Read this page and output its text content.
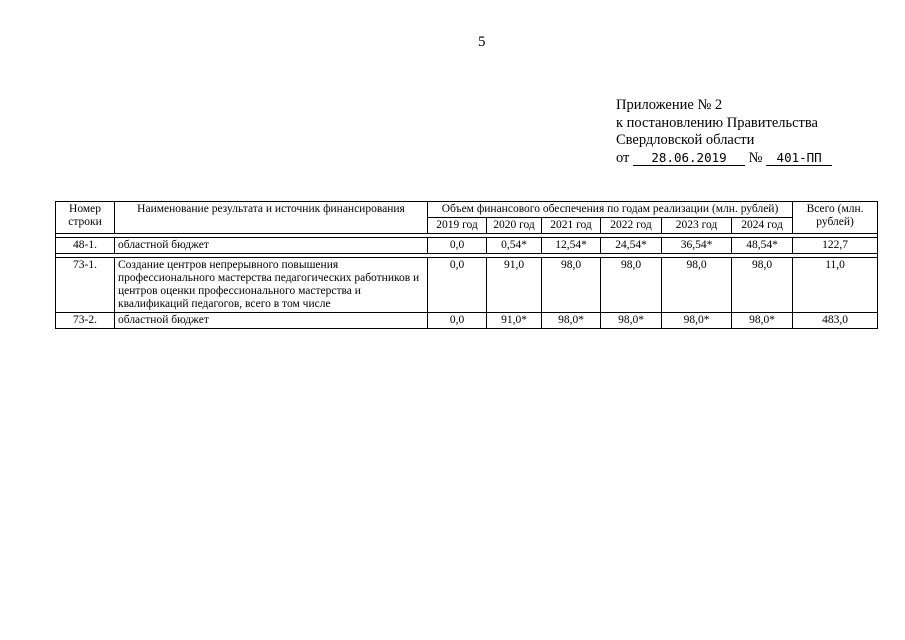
5
Приложение № 2
к постановлению Правительства
Свердловской области
от 28.06.2019 № 401-ПП
Номер строки	Наименование результата и источник финансирования	Объем финансового обеспечения по годам реализации (млн. рублей)						Всего (млн. рублей)
		2019 год	2020 год	2021 год	2022 год	2023 год	2024 год	

48-1.	областной бюджет	0,0	0,54*	12,54*	24,54*	36,54*	48,54*	122,7

73-1.	Создание центров непрерывного повышения профессионального мастерства педагогических работников и центров оценки профессионального мастерства и квалификаций педагогов, всего в том числе	0,0	91,0	98,0	98,0	98,0	98,0	11,0
73-2.	областной бюджет	0,0	91,0*	98,0*	98,0*	98,0*	98,0*	483,0
